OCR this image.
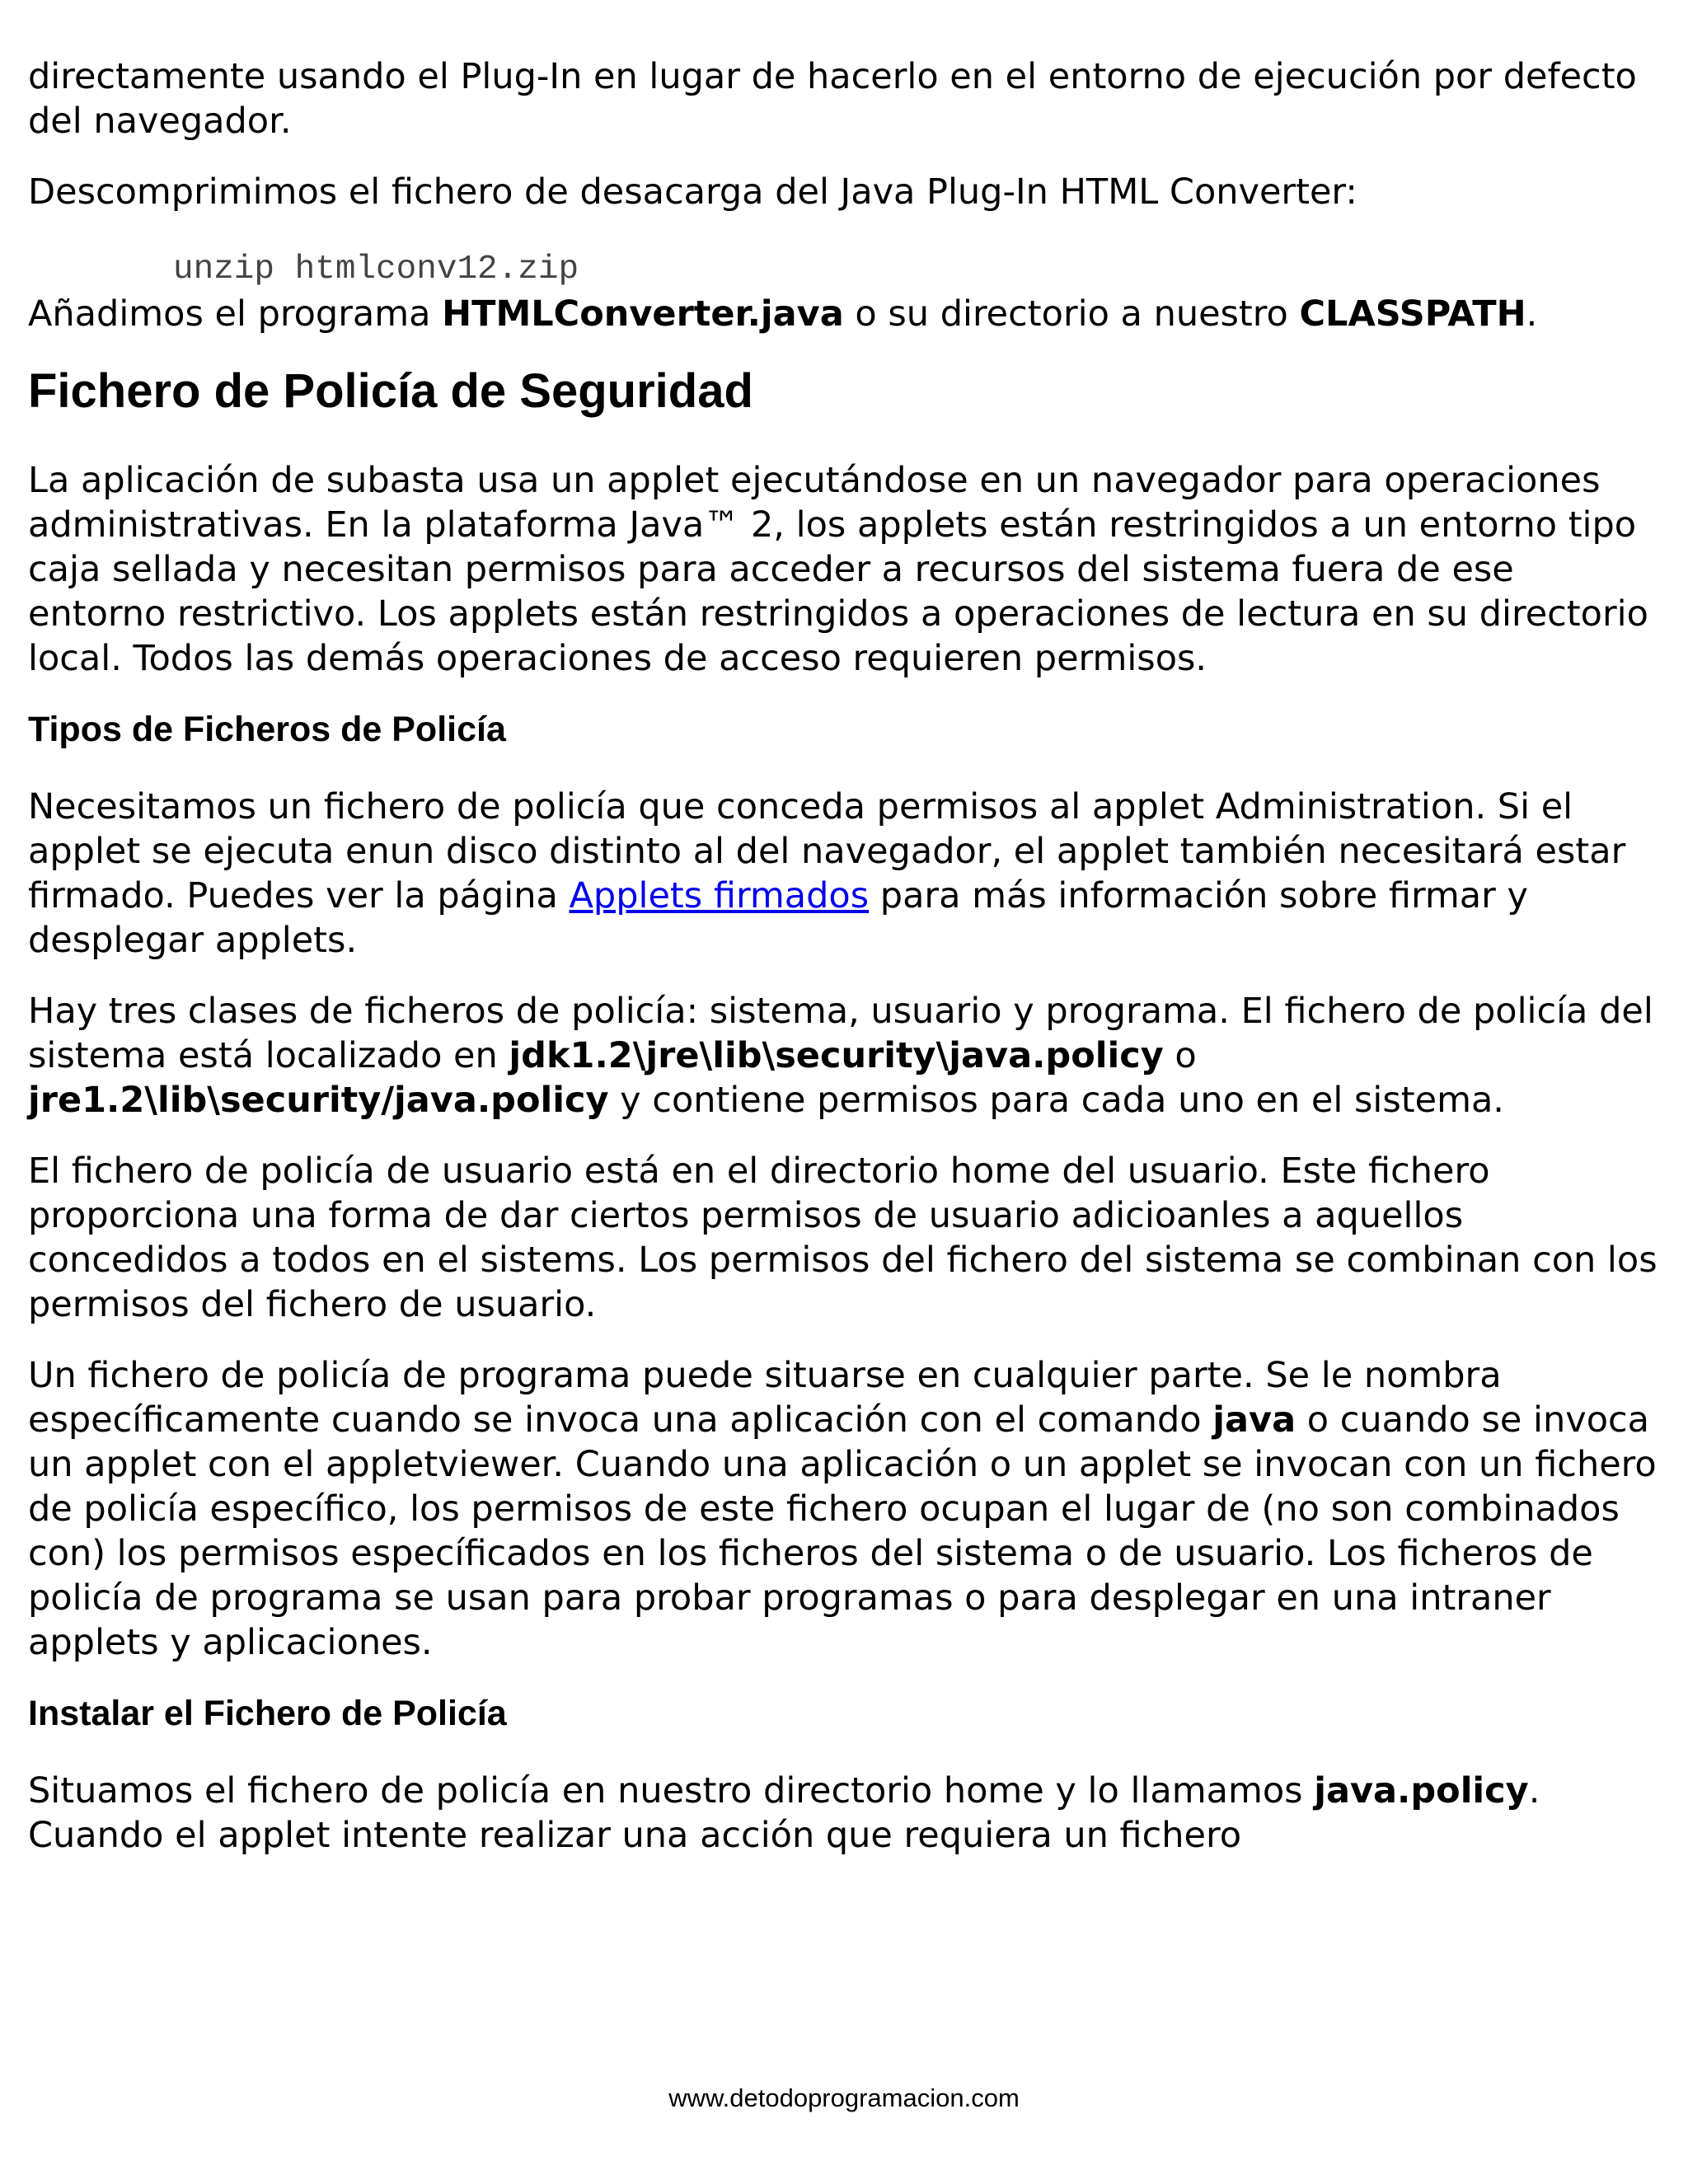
directamente usando el Plug-In en lugar de hacerlo en el entorno de ejecución por defecto del navegador.

Descomprimimos el fichero de desacarga del Java Plug-In HTML Converter:

unzip htmlconv12.zip

Añadimos el programa HTMLConverter.java o su directorio a nuestro CLASSPATH.

Fichero de Policía de Seguridad

La aplicación de subasta usa un applet ejecutándose en un navegador para operaciones administrativas. En la plataforma Java™ 2, los applets están restringidos a un entorno tipo caja sellada y necesitan permisos para acceder a recursos del sistema fuera de ese entorno restrictivo. Los applets están restringidos a operaciones de lectura en su directorio local. Todos las demás operaciones de acceso requieren permisos.

Tipos de Ficheros de Policía

Necesitamos un fichero de policía que conceda permisos al applet Administration. Si el applet se ejecuta enun disco distinto al del navegador, el applet también necesitará estar firmado. Puedes ver la página Applets firmados para más información sobre firmar y desplegar applets.

Hay tres clases de ficheros de policía: sistema, usuario y programa. El fichero de policía del sistema está localizado en jdk1.2\jre\lib\security\java.policy o jre1.2\lib\security/java.policy y contiene permisos para cada uno en el sistema.

El fichero de policía de usuario está en el directorio home del usuario. Este fichero proporciona una forma de dar ciertos permisos de usuario adicioanles a aquellos concedidos a todos en el sistems. Los permisos del fichero del sistema se combinan con los permisos del fichero de usuario.

Un fichero de policía de programa puede situarse en cualquier parte. Se le nombra específicamente cuando se invoca una aplicación con el comando java o cuando se invoca un applet con el appletviewer. Cuando una aplicación o un applet se invocan con un fichero de policía específico, los permisos de este fichero ocupan el lugar de (no son combinados con) los permisos específicados en los ficheros del sistema o de usuario. Los ficheros de policía de programa se usan para probar programas o para desplegar en una intraner applets y aplicaciones.

Instalar el Fichero de Policía

Situamos el fichero de policía en nuestro directorio home y lo llamamos java.policy. Cuando el applet intente realizar una acción que requiera un fichero

www.detodoprogramacion.com
